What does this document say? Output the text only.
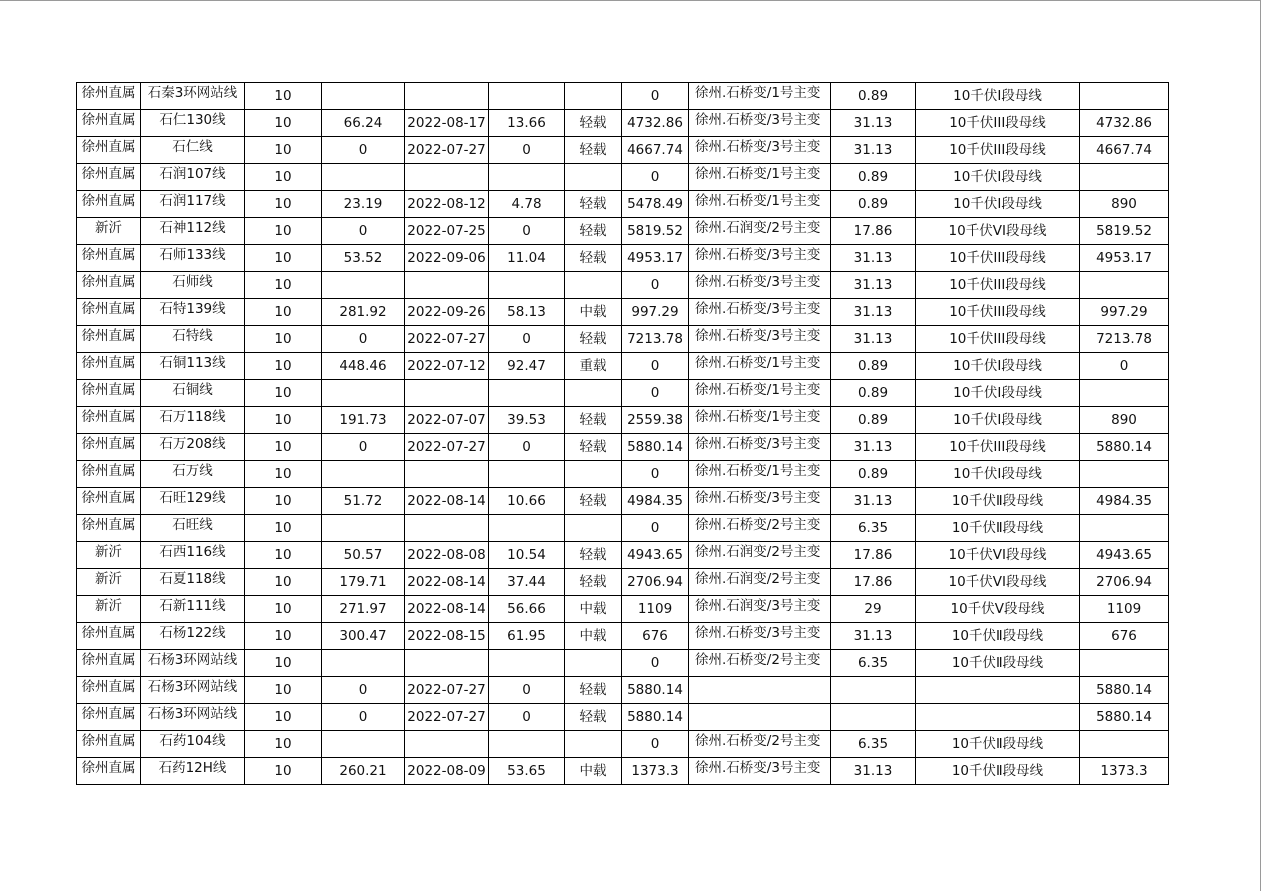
徐州直属	石秦3环网站线	10					0	徐州.石桥变/1号主变	0.89	10千伏Ⅰ段母线	

徐州直属	石仁130线	10	66.24	2022-08-17	13.66	轻载	4732.86	徐州.石桥变/3号主变	31.13	10千伏III段母线	4732.86

徐州直属	石仁线	10	0	2022-07-27	0	轻载	4667.74	徐州.石桥变/3号主变	31.13	10千伏III段母线	4667.74

徐州直属	石润107线	10					0	徐州.石桥变/1号主变	0.89	10千伏Ⅰ段母线	

徐州直属	石润117线	10	23.19	2022-08-12	4.78	轻载	5478.49	徐州.石桥变/1号主变	0.89	10千伏Ⅰ段母线	890

新沂	石神112线	10	0	2022-07-25	0	轻载	5819.52	徐州.石润变/2号主变	17.86	10千伏VI段母线	5819.52

徐州直属	石师133线	10	53.52	2022-09-06	11.04	轻载	4953.17	徐州.石桥变/3号主变	31.13	10千伏III段母线	4953.17

徐州直属	石师线	10					0	徐州.石桥变/3号主变	31.13	10千伏III段母线	

徐州直属	石特139线	10	281.92	2022-09-26	58.13	中载	997.29	徐州.石桥变/3号主变	31.13	10千伏III段母线	997.29

徐州直属	石特线	10	0	2022-07-27	0	轻载	7213.78	徐州.石桥变/3号主变	31.13	10千伏III段母线	7213.78

徐州直属	石铜113线	10	448.46	2022-07-12	92.47	重载	0	徐州.石桥变/1号主变	0.89	10千伏Ⅰ段母线	0

徐州直属	石铜线	10					0	徐州.石桥变/1号主变	0.89	10千伏Ⅰ段母线	

徐州直属	石万118线	10	191.73	2022-07-07	39.53	轻载	2559.38	徐州.石桥变/1号主变	0.89	10千伏Ⅰ段母线	890

徐州直属	石万208线	10	0	2022-07-27	0	轻载	5880.14	徐州.石桥变/3号主变	31.13	10千伏III段母线	5880.14

徐州直属	石万线	10					0	徐州.石桥变/1号主变	0.89	10千伏Ⅰ段母线	

徐州直属	石旺129线	10	51.72	2022-08-14	10.66	轻载	4984.35	徐州.石桥变/3号主变	31.13	10千伏Ⅱ段母线	4984.35

徐州直属	石旺线	10					0	徐州.石桥变/2号主变	6.35	10千伏Ⅱ段母线	

新沂	石西116线	10	50.57	2022-08-08	10.54	轻载	4943.65	徐州.石润变/2号主变	17.86	10千伏VI段母线	4943.65

新沂	石夏118线	10	179.71	2022-08-14	37.44	轻载	2706.94	徐州.石润变/2号主变	17.86	10千伏VI段母线	2706.94

新沂	石新111线	10	271.97	2022-08-14	56.66	中载	1109	徐州.石润变/3号主变	29	10千伏Ⅴ段母线	1109

徐州直属	石杨122线	10	300.47	2022-08-15	61.95	中载	676	徐州.石桥变/3号主变	31.13	10千伏Ⅱ段母线	676

徐州直属	石杨3环网站线	10					0	徐州.石桥变/2号主变	6.35	10千伏Ⅱ段母线	

徐州直属	石杨3环网站线	10	0	2022-07-27	0	轻载	5880.14				5880.14

徐州直属	石杨3环网站线	10	0	2022-07-27	0	轻载	5880.14				5880.14

徐州直属	石药104线	10					0	徐州.石桥变/2号主变	6.35	10千伏Ⅱ段母线	

徐州直属	石药12H线	10	260.21	2022-08-09	53.65	中载	1373.3	徐州.石桥变/3号主变	31.13	10千伏Ⅱ段母线	1373.3
